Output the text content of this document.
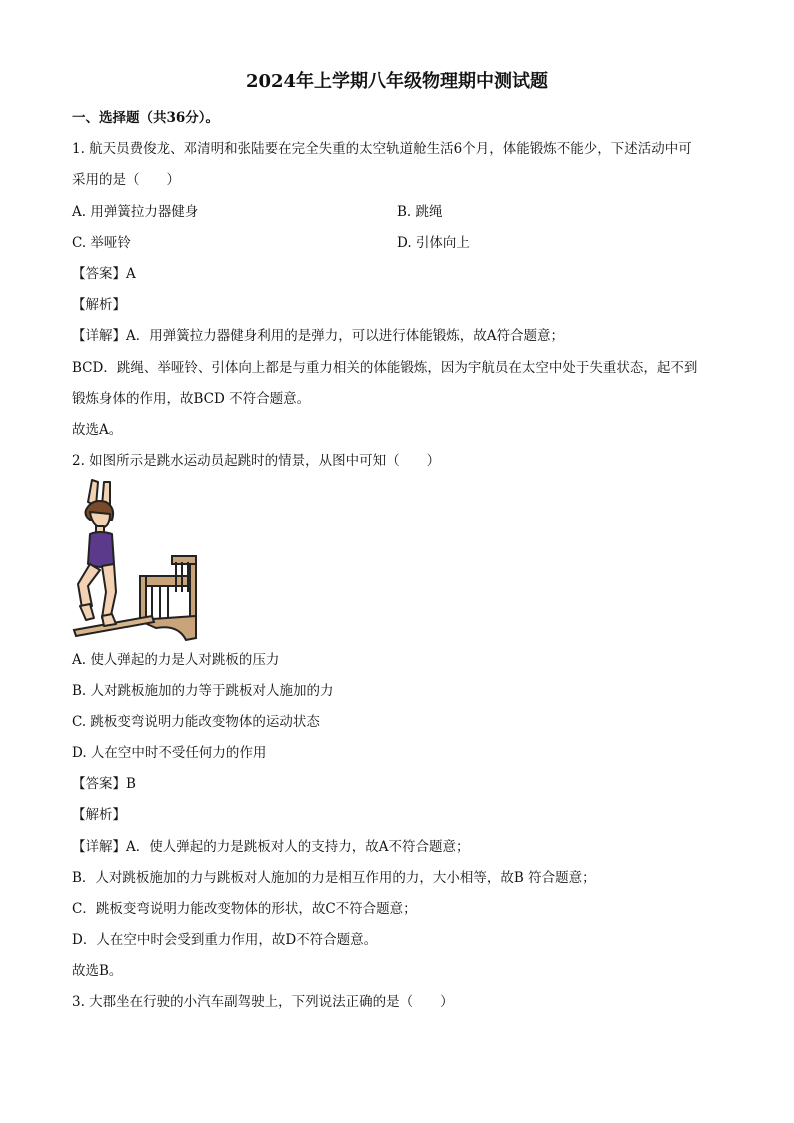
2024年上学期八年级物理期中测试题
一、选择题（共36分）。
1. 航天员费俊龙、邓清明和张陆要在完全失重的太空轨道舱生活6个月，体能锻炼不能少，下述活动中可
采用的是（　　）
A. 用弹簧拉力器健身	B. 跳绳
C. 举哑铃	D. 引体向上
【答案】A
【解析】
【详解】A．用弹簧拉力器健身利用的是弹力，可以进行体能锻炼，故A符合题意；
BCD．跳绳、举哑铃、引体向上都是与重力相关的体能锻炼，因为宇航员在太空中处于失重状态，起不到
锻炼身体的作用，故BCD 不符合题意。
故选A。
2. 如图所示是跳水运动员起跳时的情景，从图中可知（　　）
A. 使人弹起的力是人对跳板的压力
B. 人对跳板施加的力等于跳板对人施加的力
C. 跳板变弯说明力能改变物体的运动状态
D. 人在空中时不受任何力的作用
【答案】B
【解析】
【详解】A．使人弹起的力是跳板对人的支持力，故A不符合题意；
B．人对跳板施加的力与跳板对人施加的力是相互作用的力，大小相等，故B 符合题意；
C．跳板变弯说明力能改变物体的形状，故C不符合题意；
D．人在空中时会受到重力作用，故D不符合题意。
故选B。
3. 大郡坐在行驶的小汽车副驾驶上，下列说法正确的是（　　）
